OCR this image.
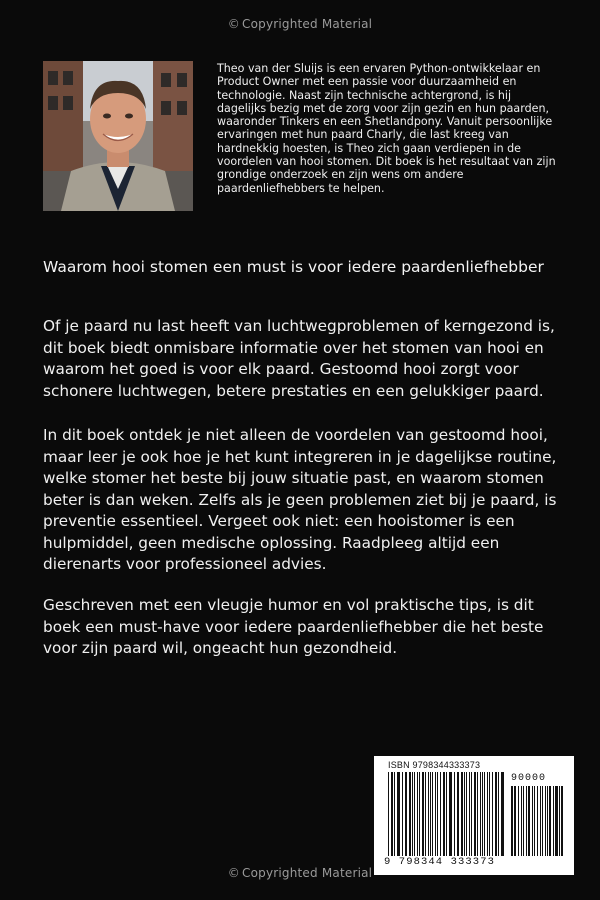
© Copyrighted Material
Theo van der Sluijs is een ervaren Python-ontwikkelaar en Product Owner met een passie voor duurzaamheid en technologie. Naast zijn technische achtergrond, is hij dagelijks bezig met de zorg voor zijn gezin en hun paarden, waaronder Tinkers en een Shetlandpony. Vanuit persoonlijke ervaringen met hun paard Charly, die last kreeg van hardnekkig hoesten, is Theo zich gaan verdiepen in de voordelen van hooi stomen. Dit boek is het resultaat van zijn grondige onderzoek en zijn wens om andere paardenliefhebbers te helpen.
Waarom hooi stomen een must is voor iedere paardenliefhebber
Of je paard nu last heeft van luchtwegproblemen of kerngezond is, dit boek biedt onmisbare informatie over het stomen van hooi en waarom het goed is voor elk paard. Gestoomd hooi zorgt voor schonere luchtwegen, betere prestaties en een gelukkiger paard.
In dit boek ontdek je niet alleen de voordelen van gestoomd hooi, maar leer je ook hoe je het kunt integreren in je dagelijkse routine, welke stomer het beste bij jouw situatie past, en waarom stomen beter is dan weken. Zelfs als je geen problemen ziet bij je paard, is preventie essentieel. Vergeet ook niet: een hooistomer is een hulpmiddel, geen medische oplossing. Raadpleeg altijd een dierenarts voor professioneel advies.
Geschreven met een vleugje humor en vol praktische tips, is dit boek een must-have voor iedere paardenliefhebber die het beste voor zijn paard wil, ongeacht hun gezondheid.
ISBN 9798344333373
90000
9 798344 333373
© Copyrighted Material
